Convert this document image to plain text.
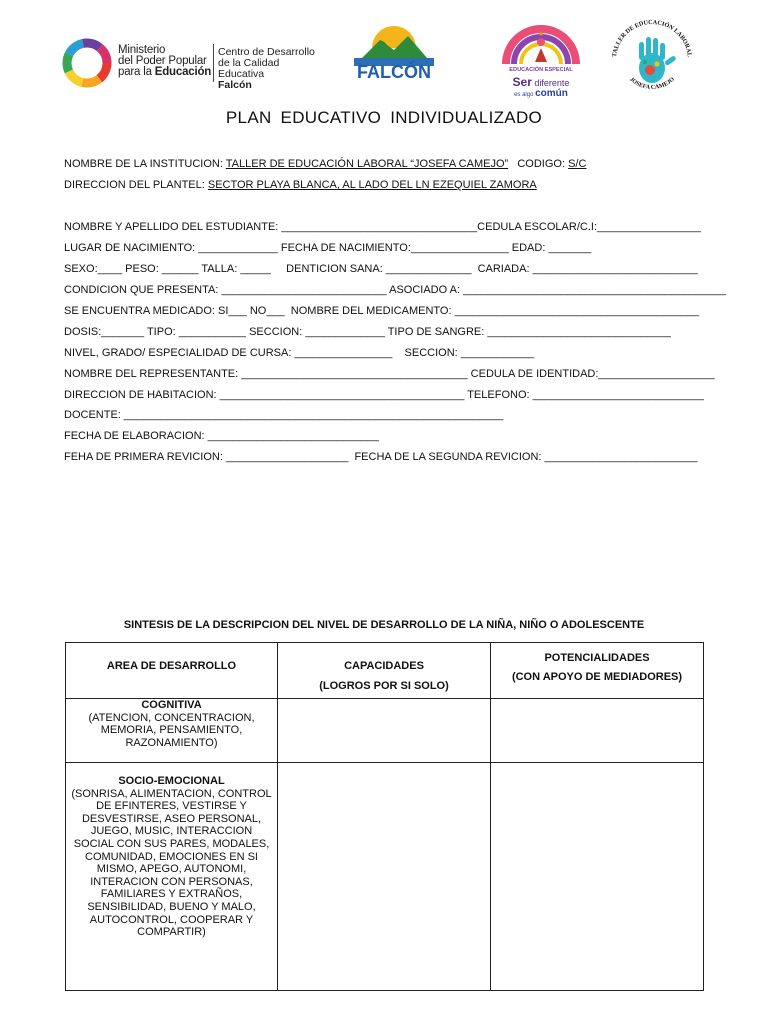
Ministerio
del Poder Popular
para la Educación
Centro de Desarrollo
de la Calidad Educativa
Falcón
FALCÓN
★
EDUCACIÓN ESPECIAL
Ser diferente
es algo común
TALLER DE EDUCACIÓN LABORAL
JOSEFA CAMEJO
PLAN EDUCATIVO INDIVIDUALIZADO
NOMBRE DE LA INSTITUCION: TALLER DE EDUCACIÓN LABORAL “JOSEFA CAMEJO”   CODIGO: S/C
DIRECCION DEL PLANTEL: SECTOR PLAYA BLANCA, AL LADO DEL LN EZEQUIEL ZAMORA
NOMBRE Y APELLIDO DEL ESTUDIANTE: ________________________________CEDULA ESCOLAR/C.I:_________________
LUGAR DE NACIMIENTO: _____________ FECHA DE NACIMIENTO:________________ EDAD: _______
SEXO:____ PESO: ______ TALLA: _____     DENTICION SANA: ______________  CARIADA: ___________________________
CONDICION QUE PRESENTA: ___________________________ ASOCIADO A: ___________________________________________
SE ENCUENTRA MEDICADO: SI___ NO___  NOMBRE DEL MEDICAMENTO: ________________________________________
DOSIS:_______ TIPO: ___________ SECCION: _____________ TIPO DE SANGRE: ______________________________
NIVEL, GRADO/ ESPECIALIDAD DE CURSA: ________________    SECCION: ____________
NOMBRE DEL REPRESENTANTE: _____________________________________ CEDULA DE IDENTIDAD:___________________
DIRECCION DE HABITACION: ________________________________________ TELEFONO: ____________________________
DOCENTE: ______________________________________________________________
FECHA DE ELABORACION: ____________________________
FEHA DE PRIMERA REVICION: ____________________  FECHA DE LA SEGUNDA REVICION: _________________________
SINTESIS DE LA DESCRIPCION DEL NIVEL DE DESARROLLO DE LA NIÑA, NIÑO O ADOLESCENTE
AREA DE DESARROLLO	CAPACIDADES
(LOGROS POR SI SOLO)
POTENCIALIDADES
(CON APOYO DE MEDIADORES)
COGNITIVA
(ATENCION, CONCENTRACION, MEMORIA, PENSAMIENTO, RAZONAMIENTO)
SOCIO-EMOCIONAL
(SONRISA, ALIMENTACION, CONTROL DE EFINTERES, VESTIRSE Y DESVESTIRSE, ASEO PERSONAL, JUEGO, MUSIC, INTERACCION SOCIAL CON SUS PARES, MODALES, COMUNIDAD, EMOCIONES EN SI MISMO, APEGO, AUTONOMI, INTERACION CON PERSONAS, FAMILIARES Y EXTRAÑOS, SENSIBILIDAD, BUENO Y MALO, AUTOCONTROL, COOPERAR Y COMPARTIR)
